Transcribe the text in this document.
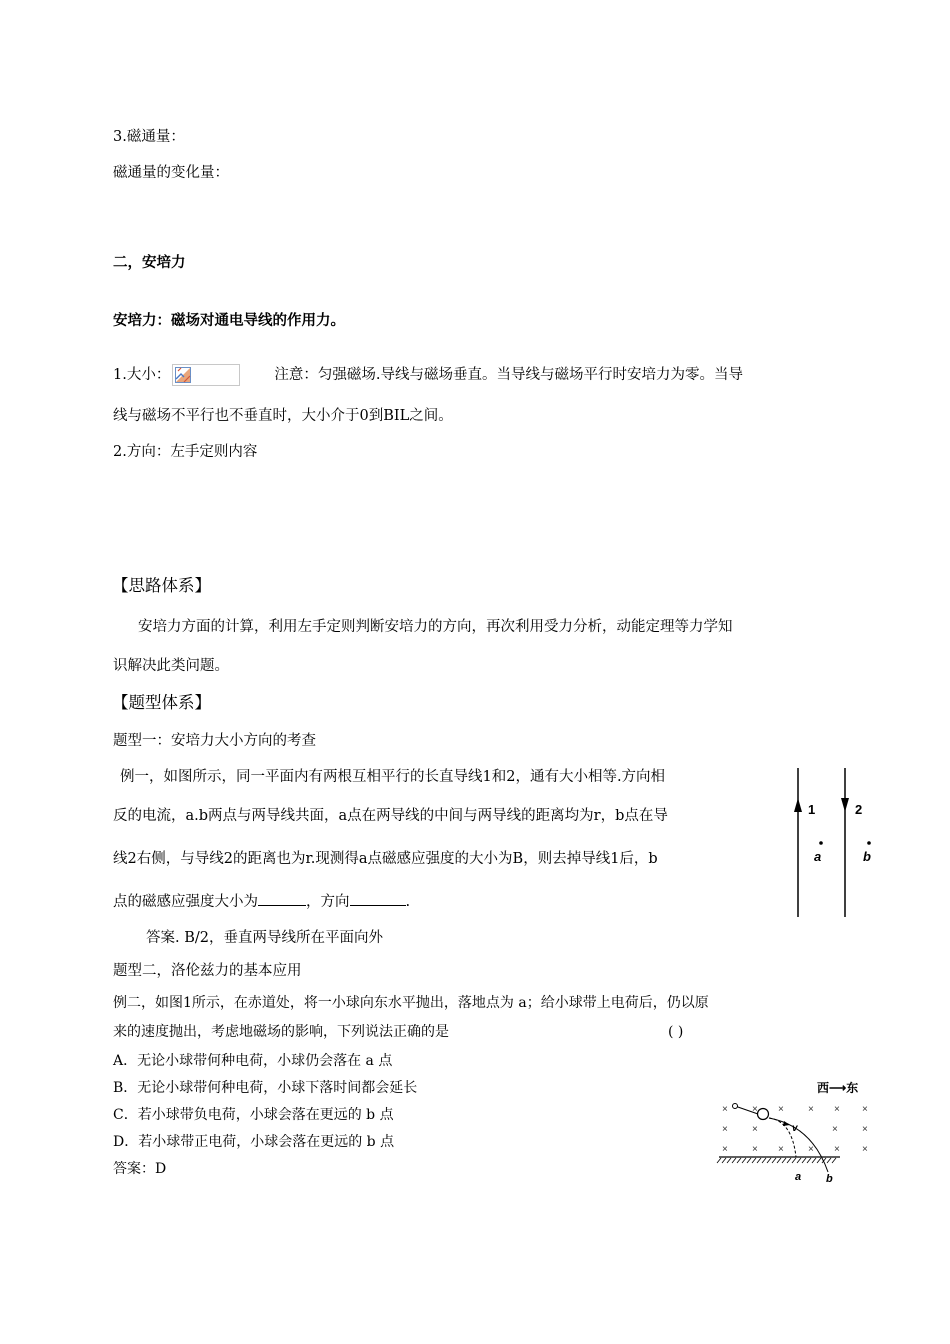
3.磁通量：
磁通量的变化量：
二，安培力
安培力：磁场对通电导线的作用力。
1.大小：	注意：匀强磁场.导线与磁场垂直。当导线与磁场平行时安培力为零。当导
线与磁场不平行也不垂直时，大小介于0到BIL之间。
2.方向：左手定则内容
【思路体系】
安培力方面的计算，利用左手定则判断安培力的方向，再次利用受力分析，动能定理等力学知
识解决此类问题。
【题型体系】
题型一：安培力大小方向的考查
例一，如图所示，同一平面内有两根互相平行的长直导线1和2，通有大小相等.方向相
反的电流，a.b两点与两导线共面，a点在两导线的中间与两导线的距离均为r，b点在导
线2右侧，与导线2的距离也为r.现测得a点磁感应强度的大小为B，则去掉导线1后，b
点的磁感应强度大小为	，方向	.
答案. B/2，垂直两导线所在平面向外
1	2
a	b
题型二，洛伦兹力的基本应用
例二，如图1所示，在赤道处，将一小球向东水平抛出，落地点为 a；给小球带上电荷后，仍以原
来的速度抛出，考虑地磁场的影响，下列说法正确的是	( )
A．无论小球带何种电荷，小球仍会落在 a 点
B．无论小球带何种电荷，小球下落时间都会延长
C．若小球带负电荷，小球会落在更远的 b 点
D．若小球带正电荷，小球会落在更远的 b 点
答案：D
西⟶东
× × × × × ×
× ×	× ×
× × × × × ×
v
a b
